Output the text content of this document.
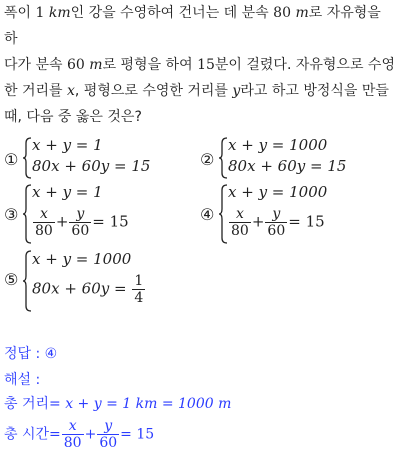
폭이 1 km인 강을 수영하여 건너는 데 분속 80 m로 자유형을 하
다가 분속 60 m로 평형을 하여 15분이 걸렸다. 자유형으로 수영
한 거리를 x, 평형으로 수영한 거리를 y라고 하고 방정식을 만들
때, 다음 중 옳은 것은?
①
x + y = 1
80x + 60y = 15	②
x + y = 1000
80x + 60y = 15
③
x + y = 1
$\frac{x}{80} + \frac{y}{60} = 15$	④
x + y = 1000
$\frac{x}{80} + \frac{y}{60} = 15$
⑤
x + y = 1000
$80x + 60y = \frac{1}{4}$
정답 : ④
해설 :
총 거리= x + y = 1 km = 1000 m
총 시간= $\frac{x}{80} + \frac{y}{60} = 15$
